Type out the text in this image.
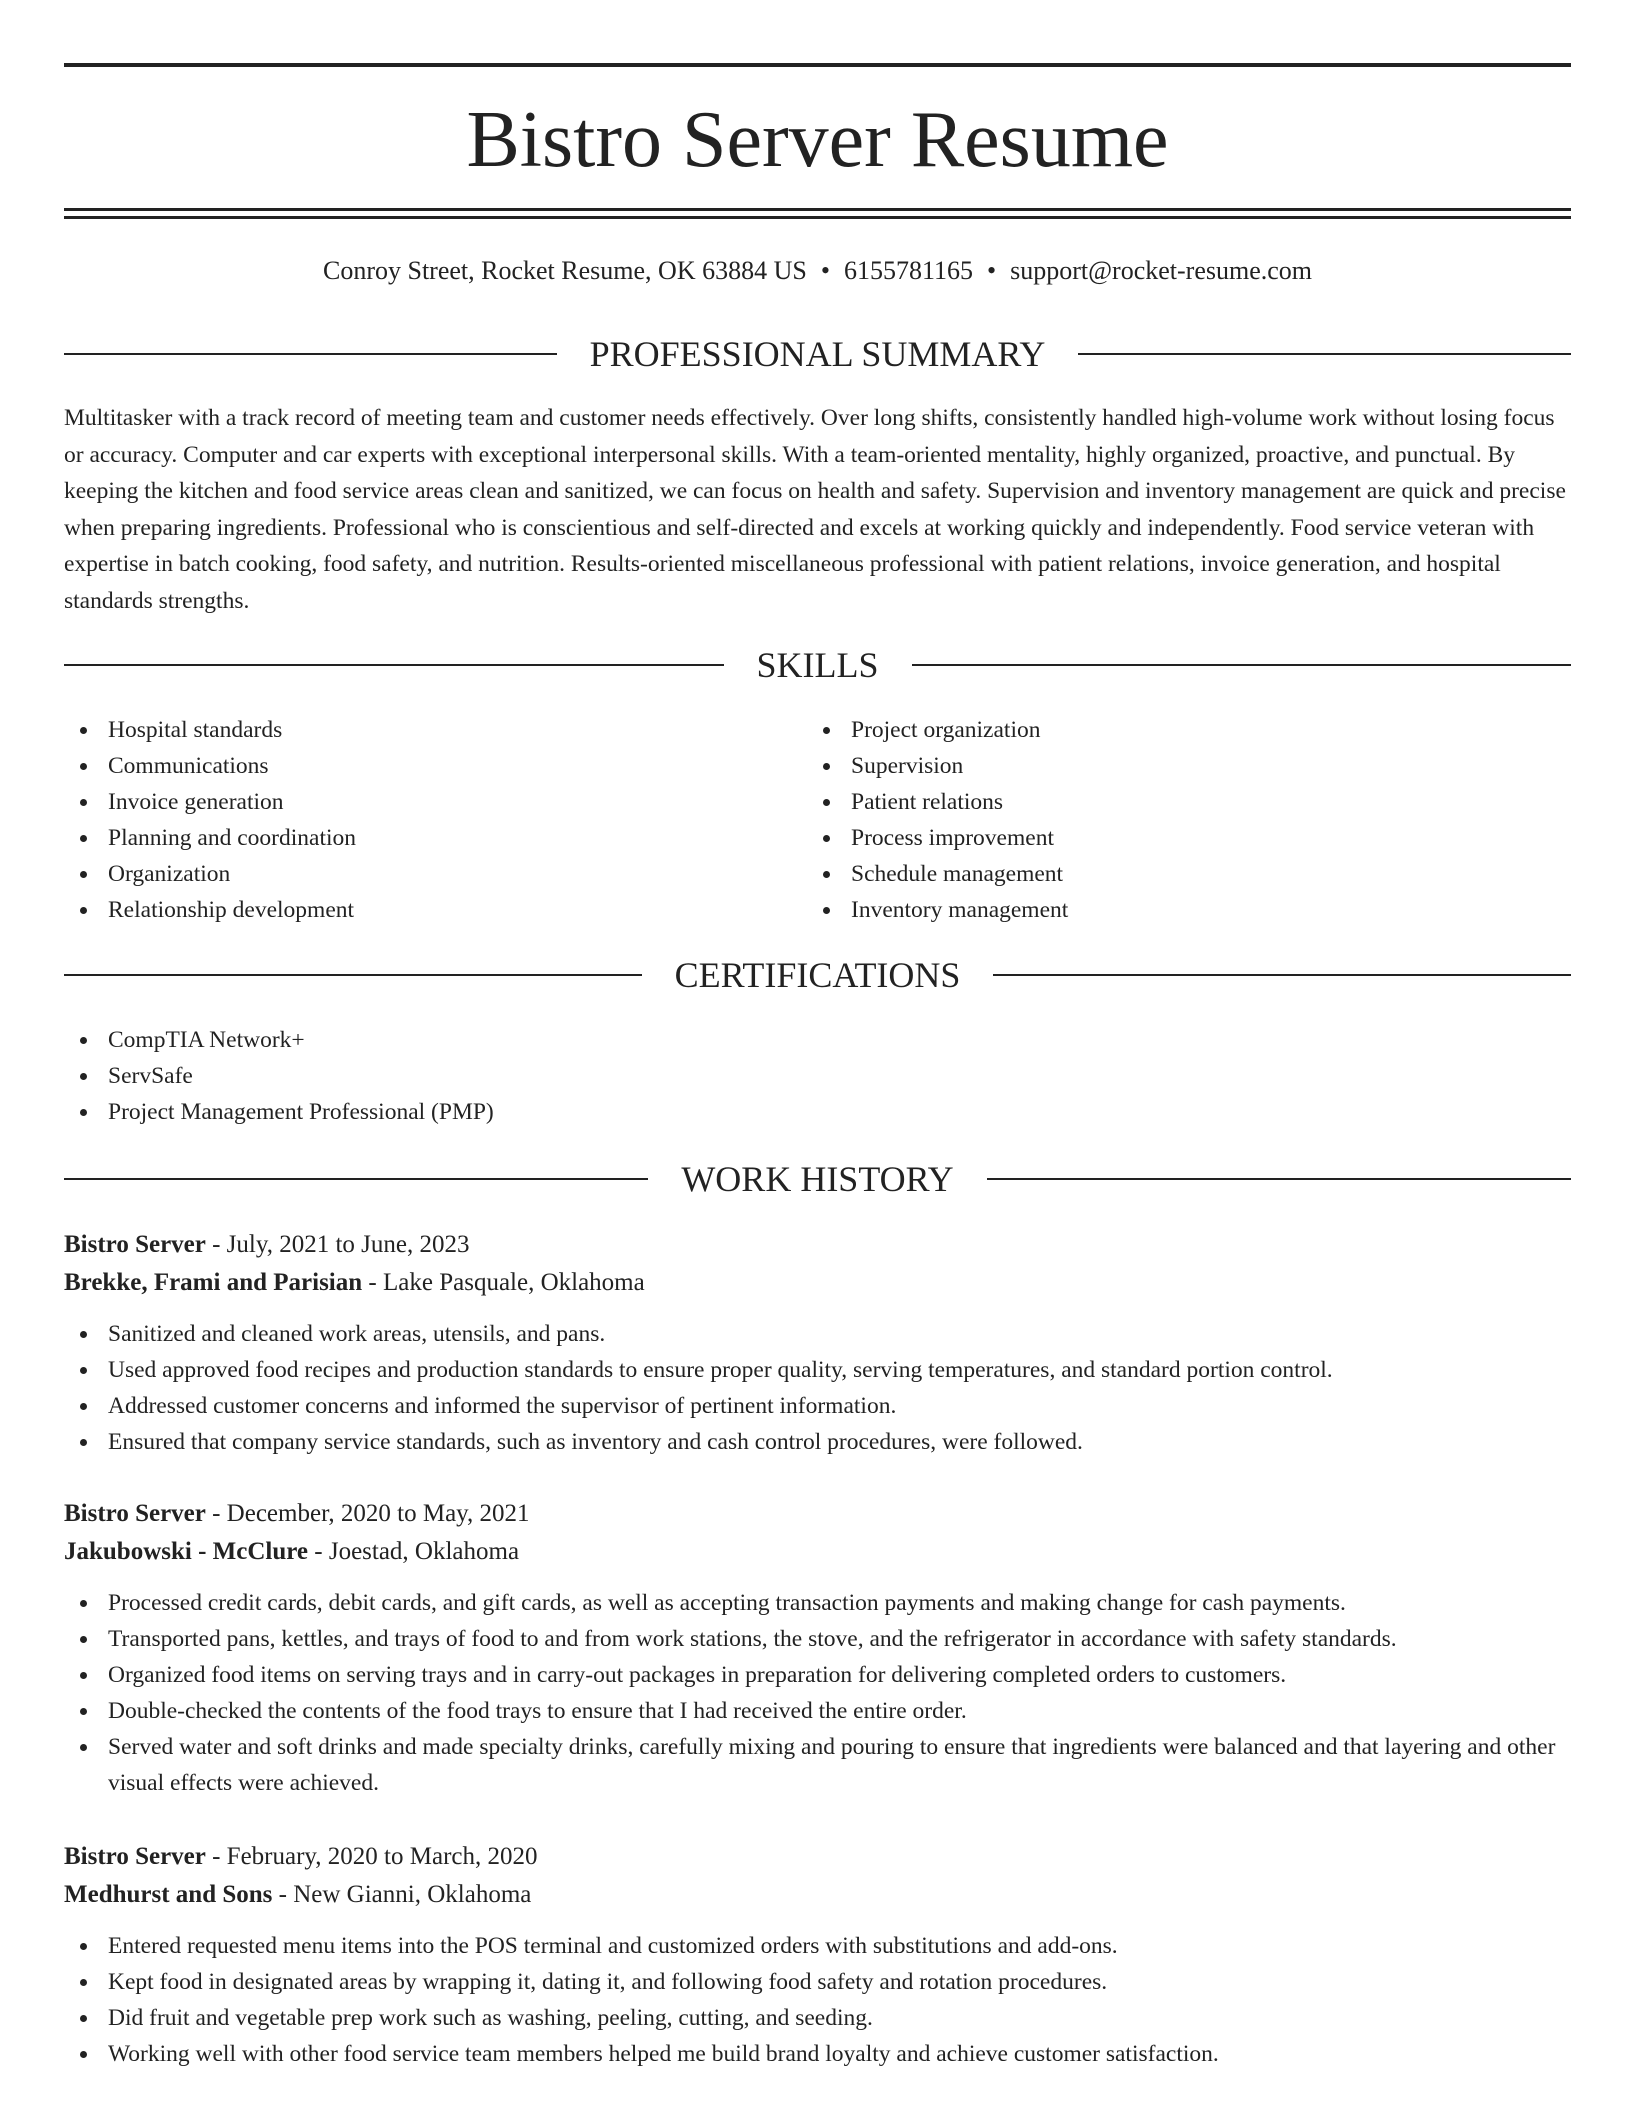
Bistro Server Resume
Conroy Street, Rocket Resume, OK 63884 US • 6155781165 • support@rocket-resume.com
PROFESSIONAL SUMMARY

Multitasker with a track record of meeting team and customer needs effectively. Over long shifts, consistently handled high-volume work without losing focus or accuracy. Computer and car experts with exceptional interpersonal skills. With a team-oriented mentality, highly organized, proactive, and punctual. By keeping the kitchen and food service areas clean and sanitized, we can focus on health and safety. Supervision and inventory management are quick and precise when preparing ingredients. Professional who is conscientious and self-directed and excels at working quickly and independently. Food service veteran with expertise in batch cooking, food safety, and nutrition. Results-oriented miscellaneous professional with patient relations, invoice generation, and hospital standards strengths.

SKILLS
Hospital standards
Communications
Invoice generation
Planning and coordination
Organization
Relationship development
Project organization
Supervision
Patient relations
Process improvement
Schedule management
Inventory management
CERTIFICATIONS
CompTIA Network+
ServSafe
Project Management Professional (PMP)
WORK HISTORY
Bistro Server - July, 2021 to June, 2023
Brekke, Frami and Parisian - Lake Pasquale, Oklahoma
Sanitized and cleaned work areas, utensils, and pans.
Used approved food recipes and production standards to ensure proper quality, serving temperatures, and standard portion control.
Addressed customer concerns and informed the supervisor of pertinent information.
Ensured that company service standards, such as inventory and cash control procedures, were followed.
Bistro Server - December, 2020 to May, 2021
Jakubowski - McClure - Joestad, Oklahoma
Processed credit cards, debit cards, and gift cards, as well as accepting transaction payments and making change for cash payments.
Transported pans, kettles, and trays of food to and from work stations, the stove, and the refrigerator in accordance with safety standards.
Organized food items on serving trays and in carry-out packages in preparation for delivering completed orders to customers.
Double-checked the contents of the food trays to ensure that I had received the entire order.
Served water and soft drinks and made specialty drinks, carefully mixing and pouring to ensure that ingredients were balanced and that layering and other visual effects were achieved.
Bistro Server - February, 2020 to March, 2020
Medhurst and Sons - New Gianni, Oklahoma
Entered requested menu items into the POS terminal and customized orders with substitutions and add-ons.
Kept food in designated areas by wrapping it, dating it, and following food safety and rotation procedures.
Did fruit and vegetable prep work such as washing, peeling, cutting, and seeding.
Working well with other food service team members helped me build brand loyalty and achieve customer satisfaction.
